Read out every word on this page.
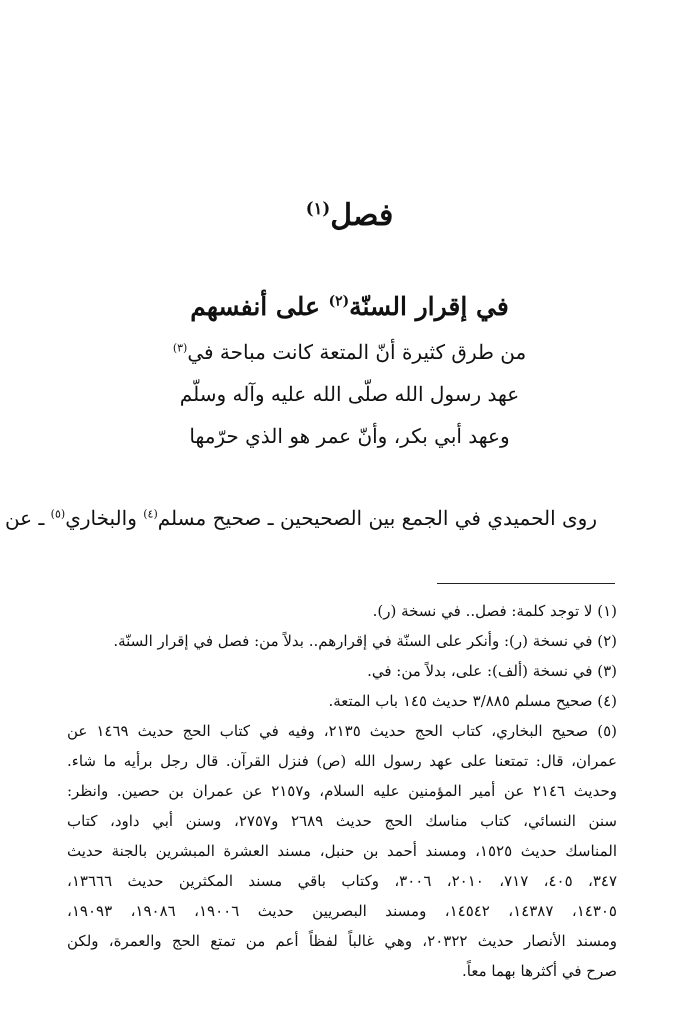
فصل$^{(١)}$
في إقرار السنّة$^{(٢)}$ على أنفسهم
من طرق كثيرة أنّ المتعة كانت مباحة في$^{(٣)}$
عهد رسول الله صلّى الله عليه وآله وسلّم
وعهد أبي بكر، وأنّ عمر هو الذي حرّمها
روى الحميدي في الجمع بين الصحيحين ـ صحيح مسلم$^{(٤)}$ والبخاري$^{(٥)}$ ـ عن

(١) لا توجد كلمة: فصل.. في نسخة (ر).

(٢) في نسخة (ر): وأنكر على السنّة في إقرارهم.. بدلاً من: فصل في إقرار السنّة.

(٣) في نسخة (ألف): على، بدلاً من: في.

(٤) صحيح مسلم ٣/٨٨٥ حديث ١٤٥ باب المتعة.

(٥) صحيح البخاري، كتاب الحج حديث ٢١٣٥، وفيه في كتاب الحج حديث ١٤٦٩ عن

عمران، قال: تمتعنا على عهد رسول الله (ص) فنزل القرآن. قال رجل برأيه ما شاء.

وحديث ٢١٤٦ عن أمير المؤمنين عليه السلام، و٢١٥٧ عن عمران بن حصين. وانظر:

سنن النسائي، كتاب مناسك الحج حديث ٢٦٨٩ و٢٧٥٧، وسنن أبي داود، كتاب

المناسك حديث ١٥٢٥، ومسند أحمد بن حنبل، مسند العشرة المبشرين بالجنة حديث

٣٤٧، ٤٠٥، ٧١٧، ٢٠١٠، ٣٠٠٦، وكتاب باقي مسند المكثرين حديث ١٣٦٦٦،

١٤٣٠٥، ١٤٣٨٧، ١٤٥٤٢، ومسند البصريين حديث ١٩٠٠٦، ١٩٠٨٦، ١٩٠٩٣،

ومسند الأنصار حديث ٢٠٣٢٢، وهي غالباً لفظاً أعم من تمتع الحج والعمرة، ولكن

صرح في أكثرها بهما معاً.
